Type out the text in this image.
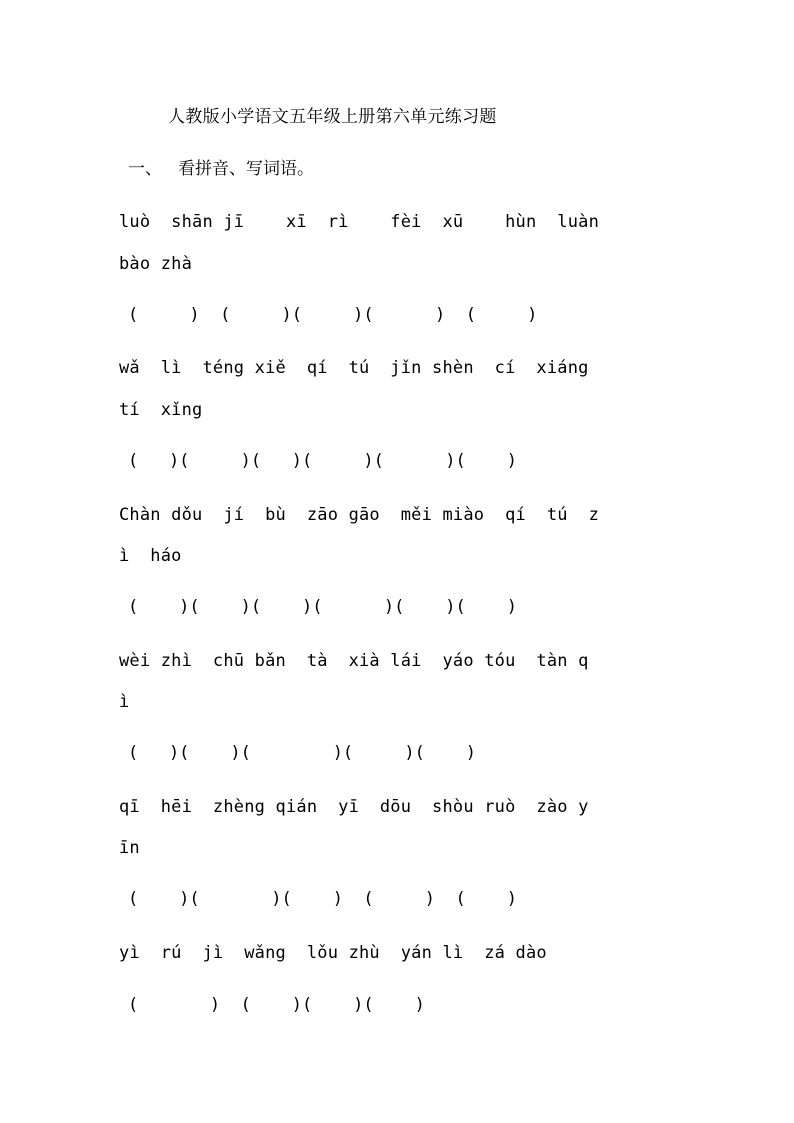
人教版小学语文五年级上册第六单元练习题
一、 看拼音、写词语。
luò  shān jī    xī  rì    fèi  xū    hùn  luàn
bào zhà
(     )  (     )(     )(      )  (     )
wǎ  lì  téng xiě  qí  tú  jǐn shèn  cí  xiáng
tí  xǐng
(   )(     )(   )(     )(      )(    )
Chàn dǒu  jí  bù  zāo gāo  měi miào  qí  tú  z
ì  háo
(    )(    )(    )(      )(    )(    )
wèi zhì  chū bǎn  tà  xià lái  yáo tóu  tàn q
ì
(   )(    )(        )(     )(    )
qī  hēi  zhèng qián  yī  dōu  shòu ruò  zào y
īn
(    )(       )(    )  (     )  (    )
yì  rú  jì  wǎng  lǒu zhù  yán lì  zá dào
(       )  (    )(    )(    )
